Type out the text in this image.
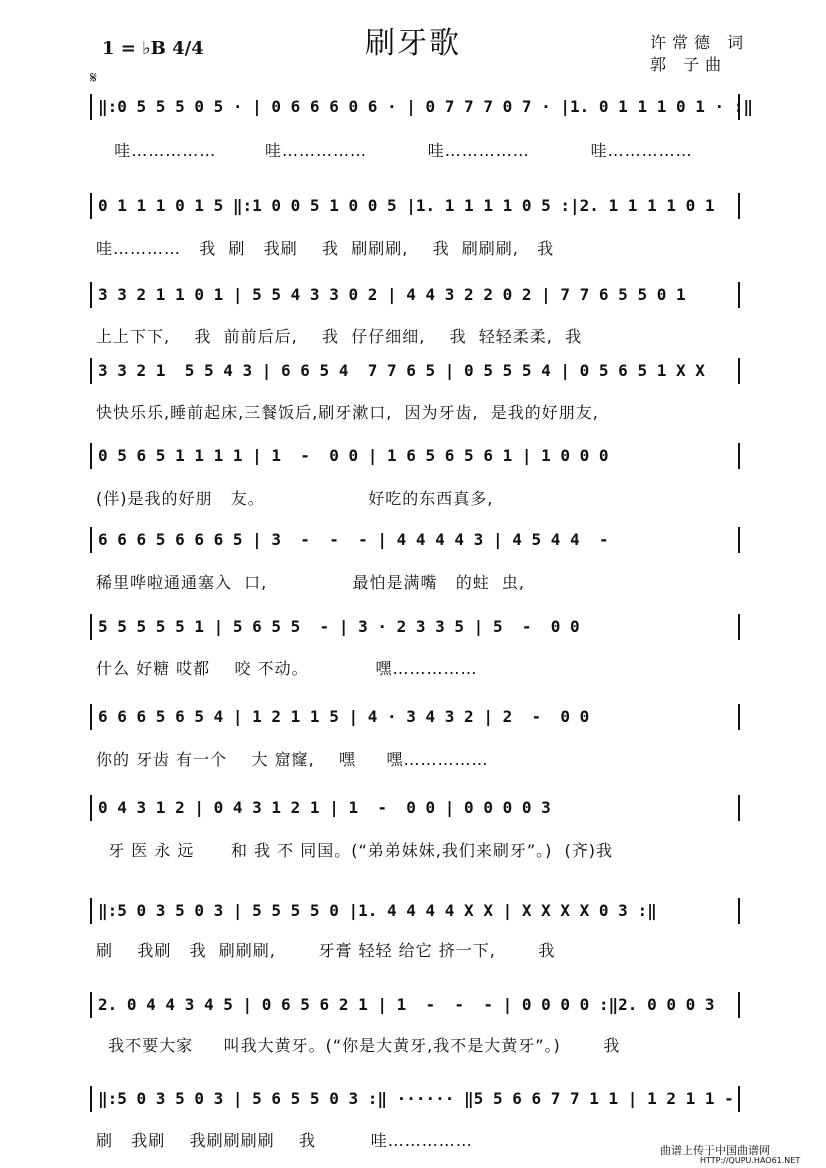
刷牙歌
1 = ♭B 4/4	许常德 词
郭 子曲
𝄋
‖:0 5 5 5 0 5 · | 0 6 6 6 0 6 · | 0 7 7 7 0 7 · |1. 0 1 1 1 0 1 · :‖
哇……………        哇……………          哇……………          哇……………
0 1 1 1 0 1 5 ‖:1 0 0 5 1 0 0 5 |1. 1 1 1 1 0 5 :|2. 1 1 1 1 0 1
哇…………   我  刷   我刷    我  刷刷刷,    我  刷刷刷,   我
3 3 2 1 1 0 1 | 5 5 4 3 3 0 2 | 4 4 3 2 2 0 2 | 7 7 6 5 5 0 1
上上下下,    我  前前后后,    我  仔仔细细,    我  轻轻柔柔,  我
3 3 2 1  5 5 4 3 | 6 6 5 4  7 7 6 5 | 0 5 5 5 4 | 0 5 6 5 1 X X
快快乐乐,睡前起床,三餐饭后,刷牙漱口,  因为牙齿,  是我的好朋友,
0 5 6 5 1 1 1 1 | 1  -  0 0 | 1 6 5 6 5 6 1 | 1 0 0 0
(伴)是我的好朋   友。                 好吃的东西真多,
6 6 6 5 6 6 6 5 | 3  -  -  - | 4 4 4 4 3 | 4 5 4 4  -
稀里哗啦通通塞入  口,              最怕是满嘴   的蛀  虫,
5 5 5 5 5 1 | 5 6 5 5  - | 3 · 2 3 3 5 | 5  -  0 0
什么 好糖 哎都    咬 不动。           嘿……………
6 6 6 5 6 5 4 | 1 2 1 1 5 | 4 · 3 4 3 2 | 2  -  0 0
你的 牙齿 有一个    大 窟窿,    嘿     嘿……………
0 4 3 1 2 | 0 4 3 1 2 1 | 1  -  0 0 | 0 0 0 0 3
牙 医 永 远      和 我 不 同国。(“弟弟妹妹,我们来刷牙”。)  (齐)我
‖:5 0 3 5 0 3 | 5 5 5 5 0 |1. 4 4 4 4 X X | X X X X 0 3 :‖
刷    我刷   我  刷刷刷,       牙膏 轻轻 给它 挤一下,       我
2. 0 4 4 3 4 5 | 0 6 5 6 2 1 | 1  -  -  - | 0 0 0 0 :‖2. 0 0 0 3
我不要大家     叫我大黄牙。(“你是大黄牙,我不是大黄牙”。)       我
‖:5 0 3 5 0 3 | 5 6 5 5 0 3 :‖ ······ ‖5 5 6 6 7 7 1 1 | 1 2 1 1 -
刷   我刷    我刷刷刷刷    我         哇……………
曲谱上传于中国曲谱网
HTTP://QUPU.HAO61.NET
